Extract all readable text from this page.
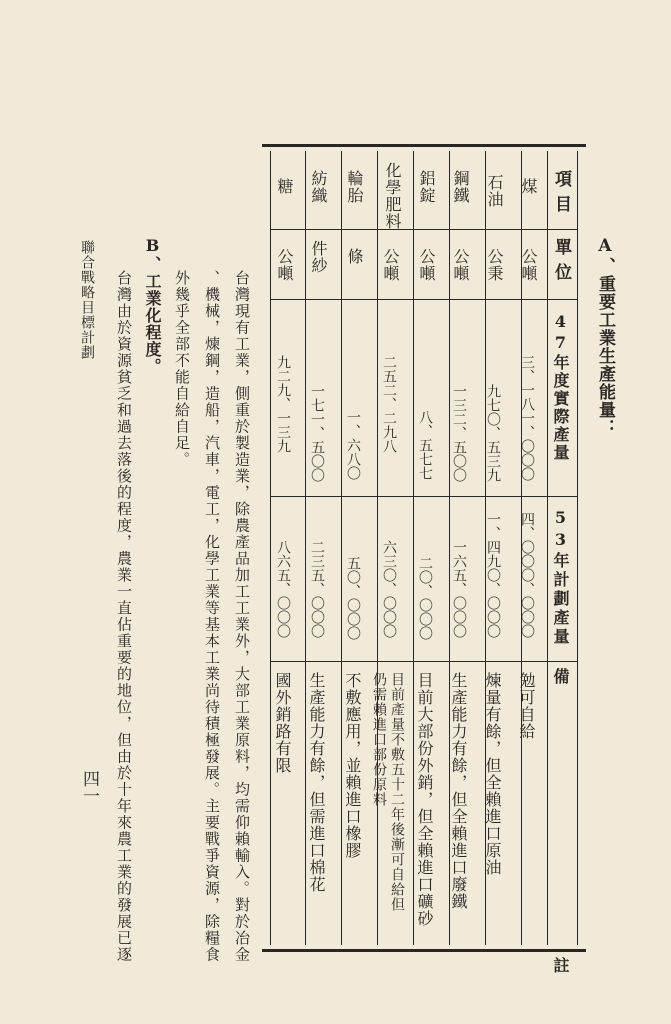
A、重要工業生產能量：
項目
單位
47年度實際產量
53年計劃產量
備　　　　　　　　　　　　　　　　註
煤
公噸
三、一八一、〇〇〇
四、〇〇〇、〇〇〇
勉可自給
石油
公秉
九七〇、五三九
一、四九〇、〇〇〇
煉量有餘，但全賴進口原油
鋼鐵
公噸
一三二、五〇〇
一六五、〇〇〇
生產能力有餘，但全賴進口廢鐵
鋁錠
公噸
八、五七七
二〇、〇〇〇
目前大部份外銷，但全賴進口礦砂
化學肥料
公噸
二五二、二九八
六三〇、〇〇〇
目前產量不敷五十二年後漸可自給但
仍需賴進口部份原料
輪胎
條
一、六八〇
五〇、〇〇〇
不敷應用，並賴進口橡膠
紡織
件紗
一七一、五〇〇
二三五、〇〇〇
生產能力有餘，但需進口棉花
糖
公噸
九二九、一三九
八六五、〇〇〇
國外銷路有限
台灣現有工業，側重於製造業，除農產品加工工業外，大部工業原料，均需仰賴輸入。對於冶金
、機械，煉鋼，造船，汽車，電工，化學工業等基本工業尚待積極發展。主要戰爭資源，除糧食
外幾乎全部不能自給自足。
B、工業化程度。
台灣由於資源貧乏和過去落後的程度，農業一直佔重要的地位，但由於十年來農工業的發展已逐
聯合戰略目標計劃
四一
